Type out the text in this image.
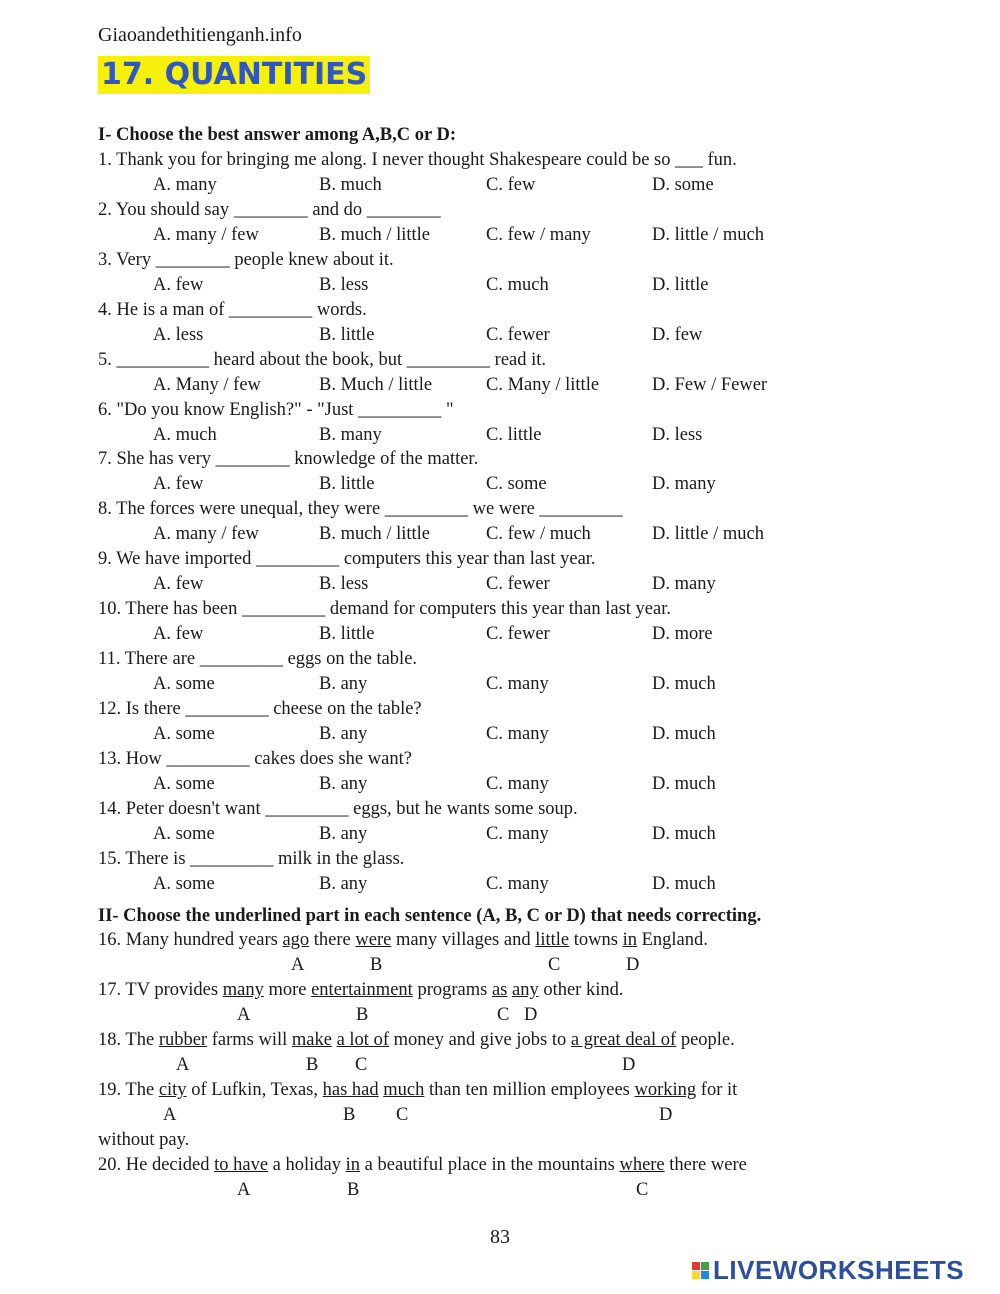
Giaoandethitienganh.info
17. QUANTITIES
I- Choose the best answer among A,B,C or D:
1. Thank you for bringing me along. I never thought Shakespeare could be so ___ fun.
A. many	B. much	C. few	D. some
2. You should say ________ and do ________
A. many / few	B. much / little	C. few / many	D. little / much
3. Very ________ people knew about it.
A. few	B. less	C. much	D. little
4. He is a man of _________ words.
A. less	B. little	C. fewer	D. few
5. __________ heard about the book, but _________ read it.
A. Many / few	B. Much / little	C. Many / little	D. Few / Fewer
6. "Do you know English?" - "Just _________ "
A. much	B. many	C. little	D. less
7. She has very ________ knowledge of the matter.
A. few	B. little	C. some	D. many
8. The forces were unequal, they were _________ we were _________
A. many / few	B. much / little	C. few / much	D. little / much
9. We have imported _________ computers this year than last year.
A. few	B. less	C. fewer	D. many
10. There has been _________ demand for computers this year than last year.
A. few	B. little	C. fewer	D. more
11. There are _________ eggs on the table.
A. some	B. any	C. many	D. much
12. Is there _________ cheese on the table?
A. some	B. any	C. many	D. much
13. How _________ cakes does she want?
A. some	B. any	C. many	D. much
14. Peter doesn't want _________ eggs, but he wants some soup.
A. some	B. any	C. many	D. much
15. There is _________ milk in the glass.
A. some	B. any	C. many	D. much
II- Choose the underlined part in each sentence (A, B, C or D) that needs correcting.
16. Many hundred years ago there were many villages and little towns in England.
A	B	C	D
17. TV provides many more entertainment programs as any other kind.
A	B	C D
18. The rubber farms will make a lot of money and give jobs to a great deal of people.
A	B C	D
19. The city of Lufkin, Texas, has had much than ten million employees working for it
A	B C	D
without pay.
20. He decided to have a holiday in a beautiful place in the mountains where there were
A	B	C
83
LIVEWORKSHEETS
